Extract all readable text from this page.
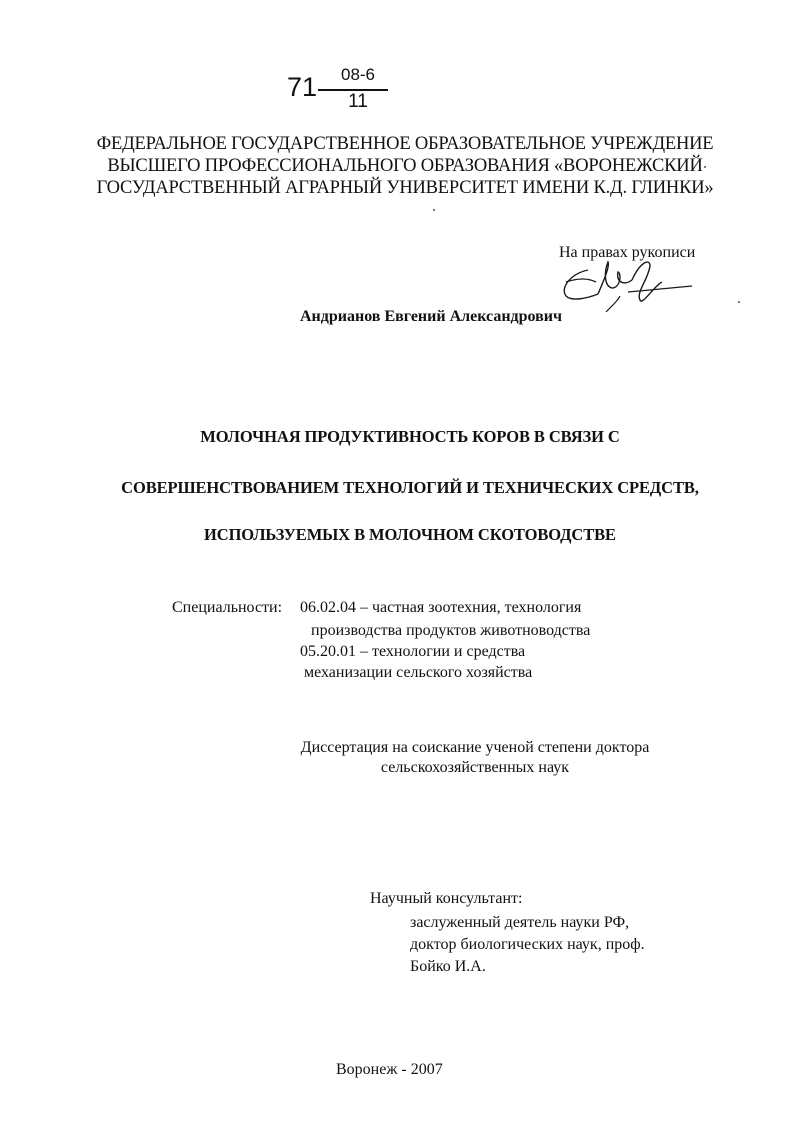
71	08-6
11
ФЕДЕРАЛЬНОЕ ГОСУДАРСТВЕННОЕ ОБРАЗОВАТЕЛЬНОЕ УЧРЕЖДЕНИЕ
ВЫСШЕГО ПРОФЕССИОНАЛЬНОГО ОБРАЗОВАНИЯ «ВОРОНЕЖСКИЙ
ГОСУДАРСТВЕННЫЙ АГРАРНЫЙ УНИВЕРСИТЕТ ИМЕНИ К.Д. ГЛИНКИ»
На правах рукописи
Андрианов Евгений Александрович
МОЛОЧНАЯ ПРОДУКТИВНОСТЬ КОРОВ В СВЯЗИ С
СОВЕРШЕНСТВОВАНИЕМ ТЕХНОЛОГИЙ И ТЕХНИЧЕСКИХ СРЕДСТВ,
ИСПОЛЬЗУЕМЫХ В МОЛОЧНОМ СКОТОВОДСТВЕ
Специальности: 06.02.04 – частная зоотехния, технология
производства продуктов животноводства
05.20.01 – технологии и средства
механизации сельского хозяйства
Диссертация на соискание ученой степени доктора
сельскохозяйственных наук
Научный консультант:
заслуженный деятель науки РФ,
доктор биологических наук, проф.
Бойко И.А.
Воронеж - 2007
